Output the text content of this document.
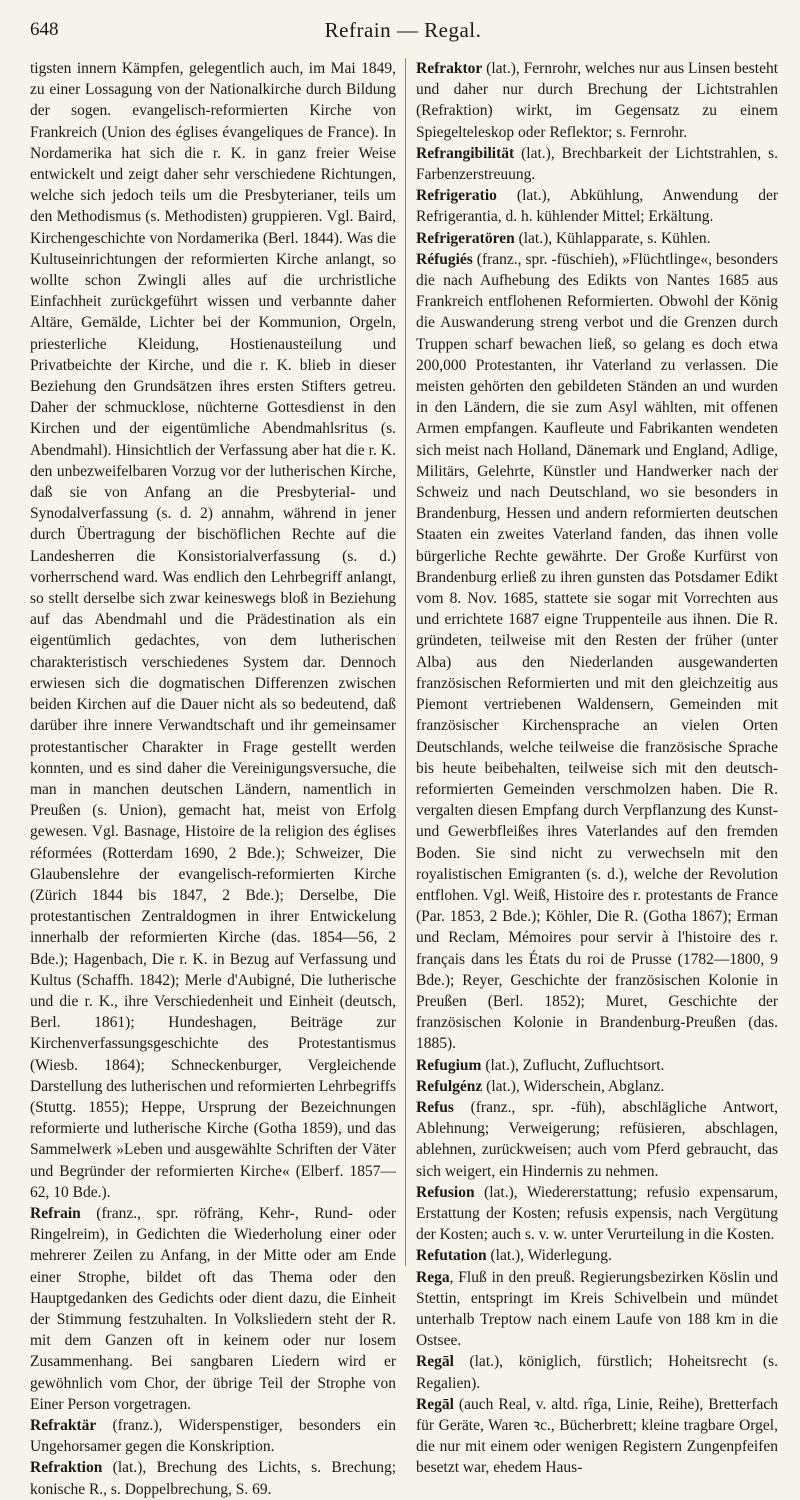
648	Refrain — Regal.

tigsten innern Kämpfen, gelegentlich auch, im Mai 1849, zu einer Lossagung von der Nationalkirche durch Bildung der sogen. evangelisch-reformierten Kirche von Frankreich (Union des églises évangeliques de France). In Nordamerika hat sich die r. K. in ganz freier Weise entwickelt und zeigt daher sehr verschiedene Richtungen, welche sich jedoch teils um die Presbyterianer, teils um den Methodismus (s. Methodisten) gruppieren. Vgl. Baird, Kirchengeschichte von Nordamerika (Berl. 1844). Was die Kultuseinrichtungen der reformierten Kirche anlangt, so wollte schon Zwingli alles auf die urchristliche Einfachheit zurückgeführt wissen und verbannte daher Altäre, Gemälde, Lichter bei der Kommunion, Orgeln, priesterliche Kleidung, Hostienausteilung und Privatbeichte der Kirche, und die r. K. blieb in dieser Beziehung den Grundsätzen ihres ersten Stifters getreu. Daher der schmucklose, nüchterne Gottesdienst in den Kirchen und der eigentümliche Abendmahlsritus (s. Abendmahl). Hinsichtlich der Verfassung aber hat die r. K. den unbezweifelbaren Vorzug vor der lutherischen Kirche, daß sie von Anfang an die Presbyterial- und Synodalverfassung (s. d. 2) annahm, während in jener durch Übertragung der bischöflichen Rechte auf die Landesherren die Konsistorialverfassung (s. d.) vorherrschend ward. Was endlich den Lehrbegriff anlangt, so stellt derselbe sich zwar keineswegs bloß in Beziehung auf das Abendmahl und die Prädestination als ein eigentümlich gedachtes, von dem lutherischen charakteristisch verschiedenes System dar. Dennoch erwiesen sich die dogmatischen Differenzen zwischen beiden Kirchen auf die Dauer nicht als so bedeutend, daß darüber ihre innere Verwandtschaft und ihr gemeinsamer protestantischer Charakter in Frage gestellt werden konnten, und es sind daher die Vereinigungsversuche, die man in manchen deutschen Ländern, namentlich in Preußen (s. Union), gemacht hat, meist von Erfolg gewesen. Vgl. Basnage, Histoire de la religion des églises réformées (Rotterdam 1690, 2 Bde.); Schweizer, Die Glaubenslehre der evangelisch-reformierten Kirche (Zürich 1844 bis 1847, 2 Bde.); Derselbe, Die protestantischen Zentraldogmen in ihrer Entwickelung innerhalb der reformierten Kirche (das. 1854—56, 2 Bde.); Hagenbach, Die r. K. in Bezug auf Verfassung und Kultus (Schaffh. 1842); Merle d'Aubigné, Die lutherische und die r. K., ihre Verschiedenheit und Einheit (deutsch, Berl. 1861); Hundeshagen, Beiträge zur Kirchenverfassungsgeschichte des Protestantismus (Wiesb. 1864); Schneckenburger, Vergleichende Darstellung des lutherischen und reformierten Lehrbegriffs (Stuttg. 1855); Heppe, Ursprung der Bezeichnungen reformierte und lutherische Kirche (Gotha 1859), und das Sammelwerk »Leben und ausgewählte Schriften der Väter und Begründer der reformierten Kirche« (Elberf. 1857—62, 10 Bde.).

Refrain (franz., spr. röfräng, Kehr-, Rund- oder Ringelreim), in Gedichten die Wiederholung einer oder mehrerer Zeilen zu Anfang, in der Mitte oder am Ende einer Strophe, bildet oft das Thema oder den Hauptgedanken des Gedichts oder dient dazu, die Einheit der Stimmung festzuhalten. In Volksliedern steht der R. mit dem Ganzen oft in keinem oder nur losem Zusammenhang. Bei sangbaren Liedern wird er gewöhnlich vom Chor, der übrige Teil der Strophe von Einer Person vorgetragen.

Refraktär (franz.), Widerspenstiger, besonders ein Ungehorsamer gegen die Konskription.

Refraktion (lat.), Brechung des Lichts, s. Brechung; konische R., s. Doppelbrechung, S. 69.

Refraktor (lat.), Fernrohr, welches nur aus Linsen besteht und daher nur durch Brechung der Lichtstrahlen (Refraktion) wirkt, im Gegensatz zu einem Spiegelteleskop oder Reflektor; s. Fernrohr.

Refrangibilität (lat.), Brechbarkeit der Lichtstrahlen, s. Farbenzerstreuung.

Refrigeratio (lat.), Abkühlung, Anwendung der Refrigerantia, d. h. kühlender Mittel; Erkältung.

Refrigeratören (lat.), Kühlapparate, s. Kühlen.

Réfugiés (franz., spr. -füschieh), »Flüchtlinge«, besonders die nach Aufhebung des Edikts von Nantes 1685 aus Frankreich entflohenen Reformierten. Obwohl der König die Auswanderung streng verbot und die Grenzen durch Truppen scharf bewachen ließ, so gelang es doch etwa 200,000 Protestanten, ihr Vaterland zu verlassen. Die meisten gehörten den gebildeten Ständen an und wurden in den Ländern, die sie zum Asyl wählten, mit offenen Armen empfangen. Kaufleute und Fabrikanten wendeten sich meist nach Holland, Dänemark und England, Adlige, Militärs, Gelehrte, Künstler und Handwerker nach der Schweiz und nach Deutschland, wo sie besonders in Brandenburg, Hessen und andern reformierten deutschen Staaten ein zweites Vaterland fanden, das ihnen volle bürgerliche Rechte gewährte. Der Große Kurfürst von Brandenburg erließ zu ihren gunsten das Potsdamer Edikt vom 8. Nov. 1685, stattete sie sogar mit Vorrechten aus und errichtete 1687 eigne Truppenteile aus ihnen. Die R. gründeten, teilweise mit den Resten der früher (unter Alba) aus den Niederlanden ausgewanderten französischen Reformierten und mit den gleichzeitig aus Piemont vertriebenen Waldensern, Gemeinden mit französischer Kirchensprache an vielen Orten Deutschlands, welche teilweise die französische Sprache bis heute beibehalten, teilweise sich mit den deutsch-reformierten Gemeinden verschmolzen haben. Die R. vergalten diesen Empfang durch Verpflanzung des Kunst- und Gewerbfleißes ihres Vaterlandes auf den fremden Boden. Sie sind nicht zu verwechseln mit den royalistischen Emigranten (s. d.), welche der Revolution entflohen. Vgl. Weiß, Histoire des r. protestants de France (Par. 1853, 2 Bde.); Köhler, Die R. (Gotha 1867); Erman und Reclam, Mémoires pour servir à l'histoire des r. français dans les États du roi de Prusse (1782—1800, 9 Bde.); Reyer, Geschichte der französischen Kolonie in Preußen (Berl. 1852); Muret, Geschichte der französischen Kolonie in Brandenburg-Preußen (das. 1885).

Refugium (lat.), Zuflucht, Zufluchtsort.

Refulgénz (lat.), Widerschein, Abglanz.

Refus (franz., spr. -füh), abschlägliche Antwort, Ablehnung; Verweigerung; refüsieren, abschlagen, ablehnen, zurückweisen; auch vom Pferd gebraucht, das sich weigert, ein Hindernis zu nehmen.

Refusion (lat.), Wiedererstattung; refusio expensarum, Erstattung der Kosten; refusis expensis, nach Vergütung der Kosten; auch s. v. w. unter Verurteilung in die Kosten.

Refutation (lat.), Widerlegung.

Rega, Fluß in den preuß. Regierungsbezirken Köslin und Stettin, entspringt im Kreis Schivelbein und mündet unterhalb Treptow nach einem Laufe von 188 km in die Ostsee.

Regāl (lat.), königlich, fürstlich; Hoheitsrecht (s. Regalien).

Regāl (auch Real, v. altd. rîga, Linie, Reihe), Bretterfach für Geräte, Waren ꝛc., Bücherbrett; kleine tragbare Orgel, die nur mit einem oder wenigen Registern Zungenpfeifen besetzt war, ehedem Haus-
